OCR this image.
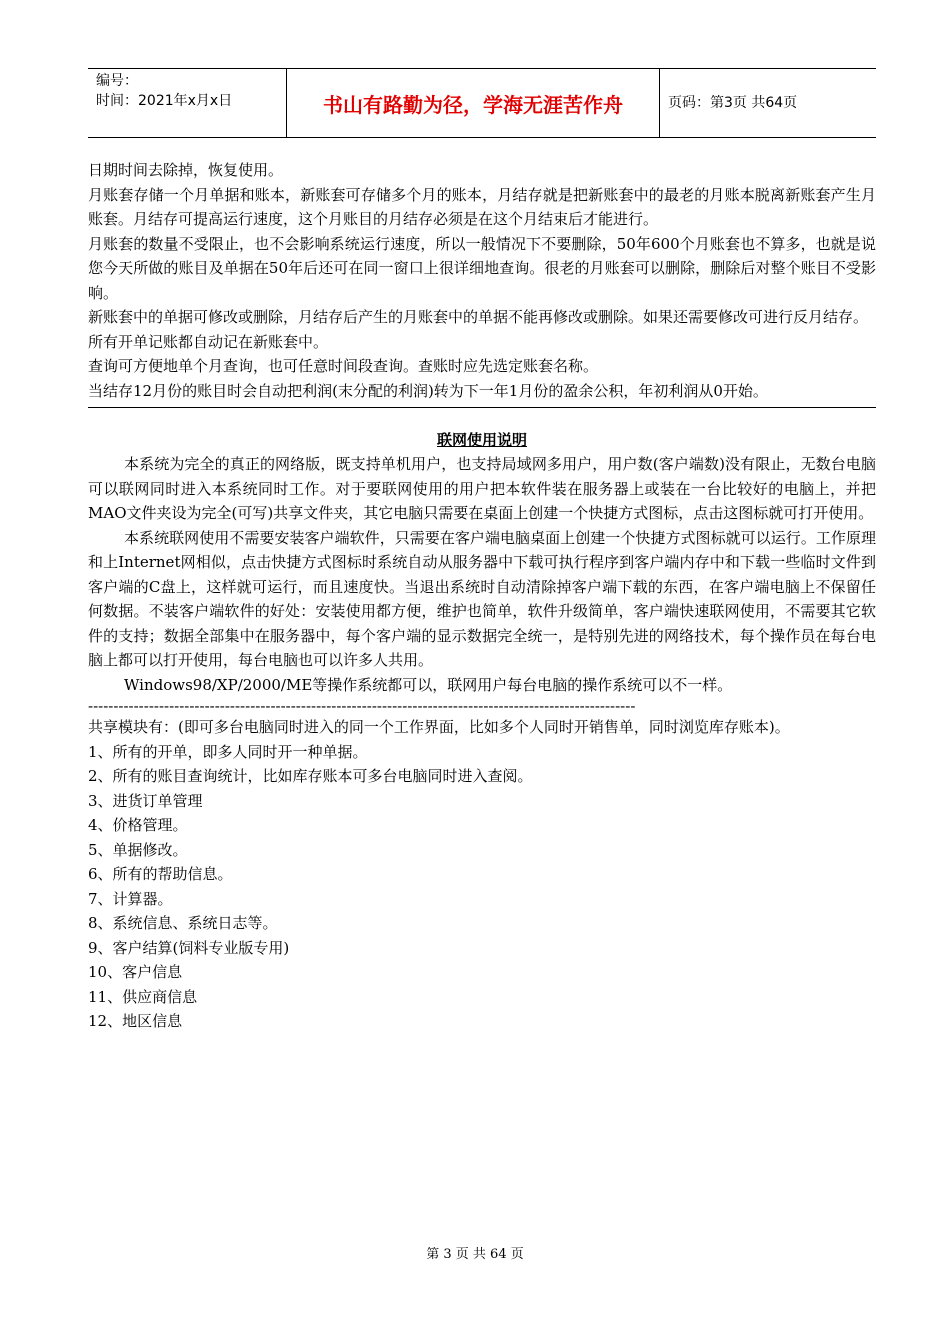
编号：
时间：2021年x月x日	书山有路勤为径，学海无涯苦作舟	页码：第3页 共64页

日期时间去除掉，恢复使用。

月账套存储一个月单据和账本，新账套可存储多个月的账本，月结存就是把新账套中的最老的月账本脱离新账套产生月账套。月结存可提高运行速度，这个月账目的月结存必须是在这个月结束后才能进行。

月账套的数量不受限止，也不会影响系统运行速度，所以一般情况下不要删除，50年600个月账套也不算多，也就是说您今天所做的账目及单据在50年后还可在同一窗口上很详细地查询。很老的月账套可以删除，删除后对整个账目不受影响。

新账套中的单据可修改或删除，月结存后产生的月账套中的单据不能再修改或删除。如果还需要修改可进行反月结存。

所有开单记账都自动记在新账套中。

查询可方便地单个月查询，也可任意时间段查询。查账时应先选定账套名称。

当结存12月份的账目时会自动把利润(末分配的利润)转为下一年1月份的盈余公积，年初利润从0开始。

联网使用说明

本系统为完全的真正的网络版，既支持单机用户，也支持局域网多用户，用户数(客户端数)没有限止，无数台电脑可以联网同时进入本系统同时工作。对于要联网使用的用户把本软件装在服务器上或装在一台比较好的电脑上，并把MAO文件夹设为完全(可写)共享文件夹，其它电脑只需要在桌面上创建一个快捷方式图标，点击这图标就可打开使用。

本系统联网使用不需要安装客户端软件，只需要在客户端电脑桌面上创建一个快捷方式图标就可以运行。工作原理和上Internet网相似，点击快捷方式图标时系统自动从服务器中下载可执行程序到客户端内存中和下载一些临时文件到客户端的C盘上，这样就可运行，而且速度快。当退出系统时自动清除掉客户端下载的东西，在客户端电脑上不保留任何数据。不装客户端软件的好处：安装使用都方便，维护也简单，软件升级简单，客户端快速联网使用，不需要其它软件的支持；数据全部集中在服务器中，每个客户端的显示数据完全统一，是特别先进的网络技术，每个操作员在每台电脑上都可以打开使用，每台电脑也可以许多人共用。

Windows98/XP/2000/ME等操作系统都可以，联网用户每台电脑的操作系统可以不一样。

------------------------------------------------------------------------------------------------------------

共享模块有：(即可多台电脑同时进入的同一个工作界面，比如多个人同时开销售单，同时浏览库存账本)。

1、所有的开单，即多人同时开一种单据。

2、所有的账目查询统计，比如库存账本可多台电脑同时进入查阅。

3、进货订单管理

4、价格管理。

5、单据修改。

6、所有的帮助信息。

7、计算器。

8、系统信息、系统日志等。

9、客户结算(饲料专业版专用)

10、客户信息

11、供应商信息

12、地区信息

第 3 页 共 64 页
